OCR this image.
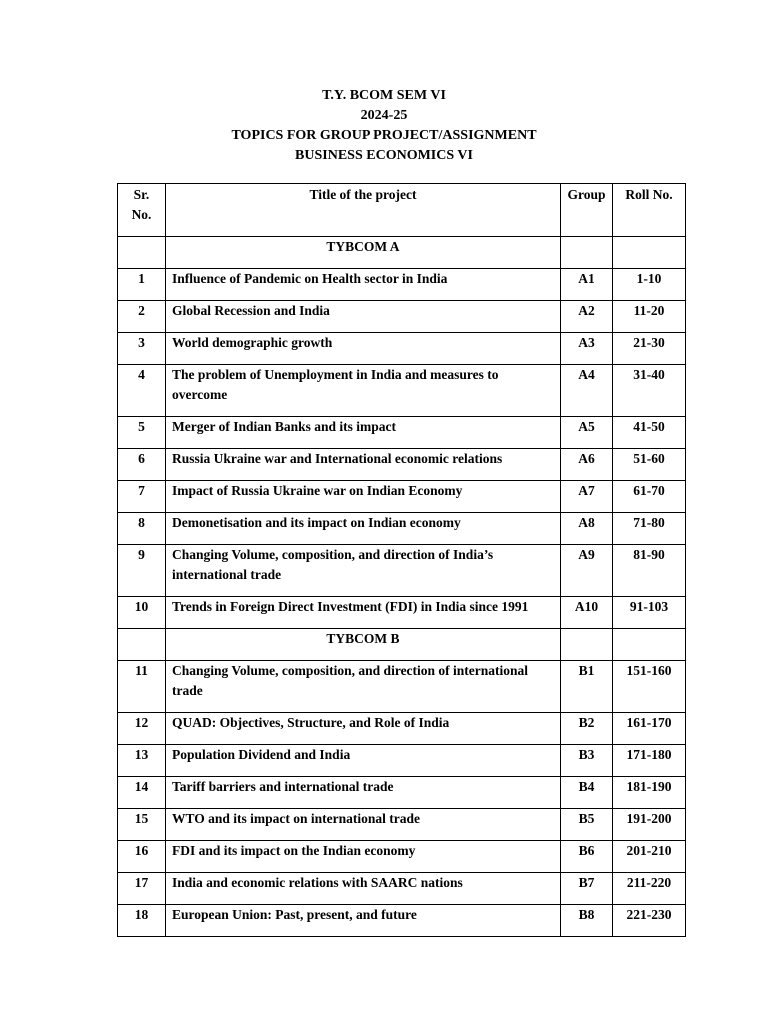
T.Y. BCOM SEM VI
2024-25
TOPICS FOR GROUP PROJECT/ASSIGNMENT
BUSINESS ECONOMICS VI
Sr.
No.	Title of the project	Group	Roll No.
	TYBCOM A		
1	Influence of Pandemic on Health sector in India	A1	1-10
2	Global Recession and India	A2	11-20
3	World demographic growth	A3	21-30
4	The problem of Unemployment in India and measures to overcome	A4	31-40
5	Merger of Indian Banks and its impact	A5	41-50
6	Russia Ukraine war and International economic relations	A6	51-60
7	Impact of Russia Ukraine war on Indian Economy	A7	61-70
8	Demonetisation and its impact on Indian economy	A8	71-80
9	Changing Volume, composition, and direction of India’s international trade	A9	81-90
10	Trends in Foreign Direct Investment (FDI) in India since 1991	A10	91-103
	TYBCOM B		
11	Changing Volume, composition, and direction of international trade	B1	151-160
12	QUAD: Objectives, Structure, and Role of India	B2	161-170
13	Population Dividend and India	B3	171-180
14	Tariff barriers and international trade	B4	181-190
15	WTO and its impact on international trade	B5	191-200
16	FDI and its impact on the Indian economy	B6	201-210
17	India and economic relations with SAARC nations	B7	211-220
18	European Union: Past, present, and future	B8	221-230
